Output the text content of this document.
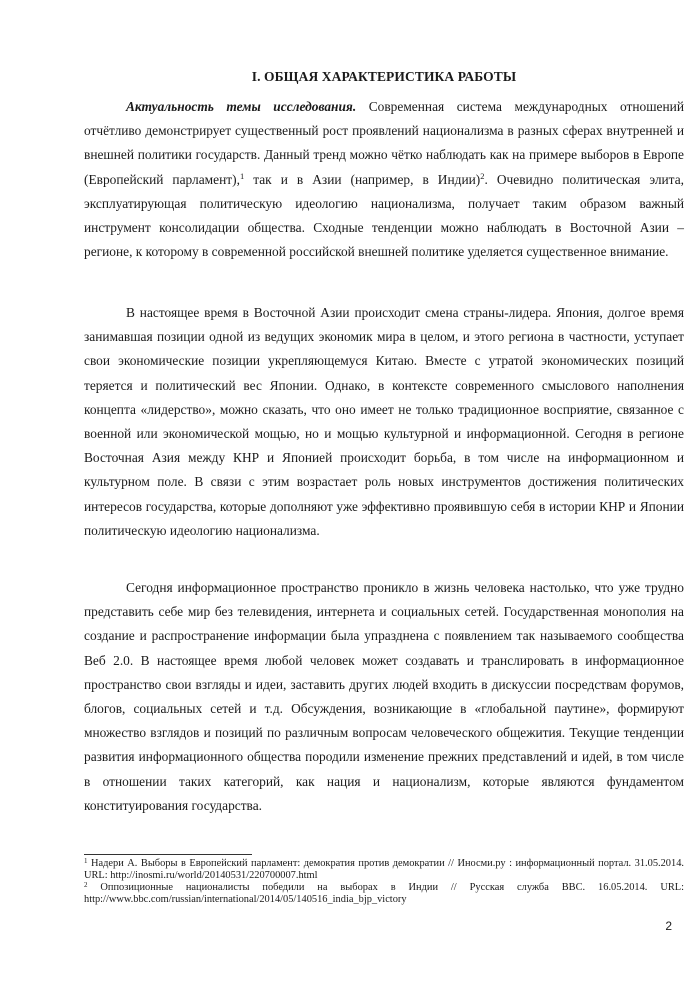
I. ОБЩАЯ ХАРАКТЕРИСТИКА РАБОТЫ

Актуальность темы исследования. Современная система международных отношений отчётливо демонстрирует существенный рост проявлений национализма в разных сферах внутренней и внешней политики государств. Данный тренд можно чётко наблюдать как на примере выборов в Европе (Европейский парламент),$^1$ так и в Азии (например, в Индии)$^2$. Очевидно политическая элита, эксплуатирующая политическую идеологию национализма, получает таким образом важный инструмент консолидации общества. Сходные тенденции можно наблюдать в Восточной Азии – регионе, к которому в современной российской внешней политике уделяется существенное внимание.

В настоящее время в Восточной Азии происходит смена страны-лидера. Япония, долгое время занимавшая позиции одной из ведущих экономик мира в целом, и этого региона в частности, уступает свои экономические позиции укрепляющемуся Китаю. Вместе с утратой экономических позиций теряется и политический вес Японии. Однако, в контексте современного смыслового наполнения концепта «лидерство», можно сказать, что оно имеет не только традиционное восприятие, связанное с военной или экономической мощью, но и мощью культурной и информационной. Сегодня в регионе Восточная Азия между КНР и Японией происходит борьба, в том числе на информационном и культурном поле. В связи с этим возрастает роль новых инструментов достижения политических интересов государства, которые дополняют уже эффективно проявившую себя в истории КНР и Японии политическую идеологию национализма.

Сегодня информационное пространство проникло в жизнь человека настолько, что уже трудно представить себе мир без телевидения, интернета и социальных сетей. Государственная монополия на создание и распространение информации была упразднена с появлением так называемого сообщества Веб 2.0. В настоящее время любой человек может создавать и транслировать в информационное пространство свои взгляды и идеи, заставить других людей входить в дискуссии посредствам форумов, блогов, социальных сетей и т.д. Обсуждения, возникающие в «глобальной паутине», формируют множество взглядов и позиций по различным вопросам человеческого общежития. Текущие тенденции развития информационного общества породили изменение прежних представлений и идей, в том числе в отношении таких категорий, как нация и национализм, которые являются фундаментом конституирования государства.

$^1$ Надери А. Выборы в Европейский парламент: демократия против демократии // Иносми.ру : информационный портал. 31.05.2014. URL: http://inosmi.ru/world/20140531/220700007.html

$^2$ Оппозиционные националисты победили на выборах в Индии // Русская служба BBC. 16.05.2014. URL: http://www.bbc.com/russian/international/2014/05/140516_india_bjp_victory

2
